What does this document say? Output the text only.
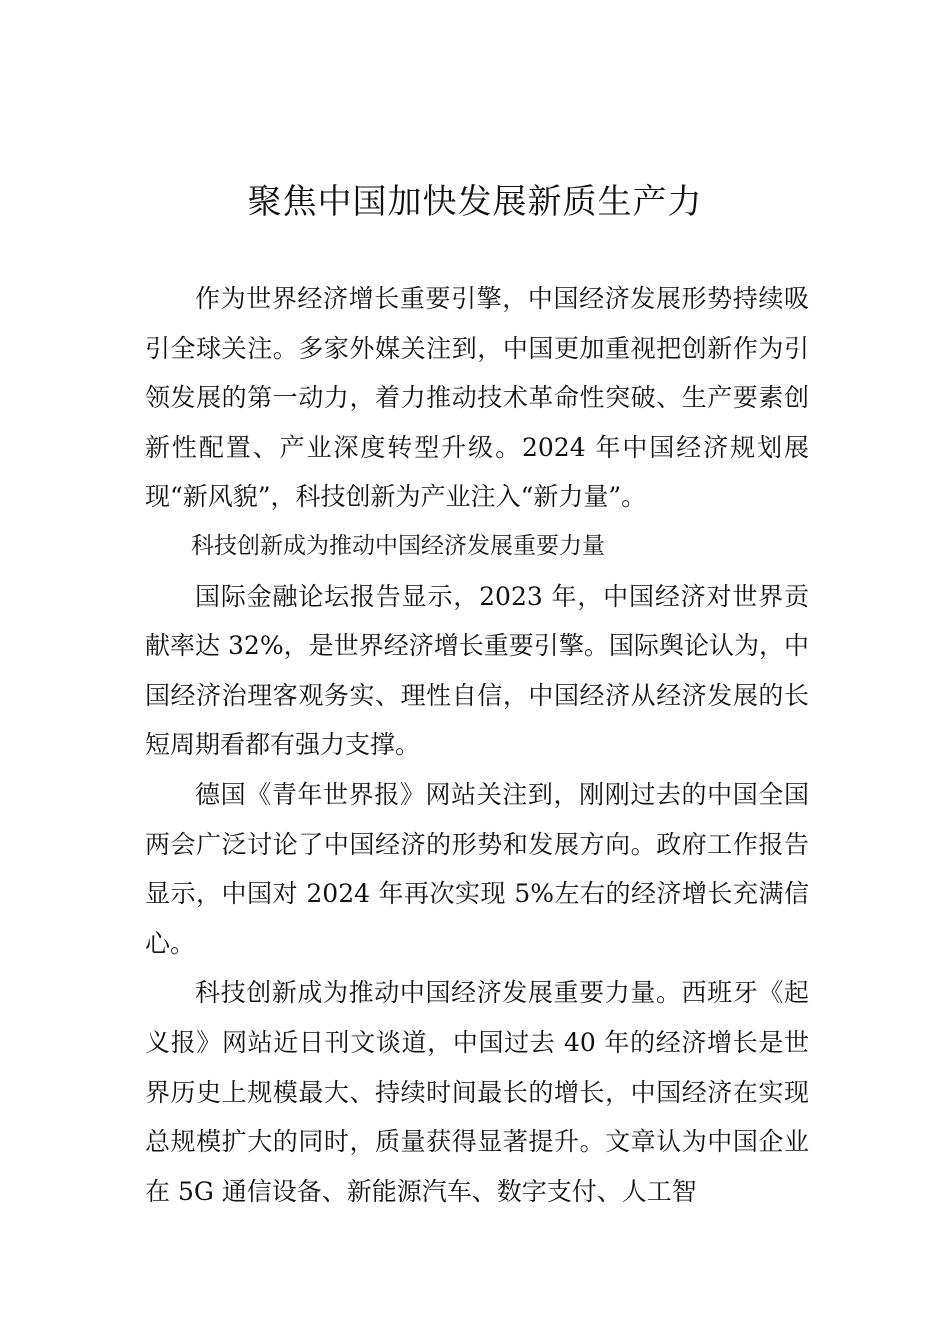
聚焦中国加快发展新质生产力

作为世界经济增长重要引擎，中国经济发展形势持续吸引全球关注。多家外媒关注到，中国更加重视把创新作为引领发展的第一动力，着力推动技术革命性突破、生产要素创新性配置、产业深度转型升级。2024 年中国经济规划展现“新风貌”，科技创新为产业注入“新力量”。

科技创新成为推动中国经济发展重要力量

国际金融论坛报告显示，2023 年，中国经济对世界贡献率达 32%，是世界经济增长重要引擎。国际舆论认为，中国经济治理客观务实、理性自信，中国经济从经济发展的长短周期看都有强力支撑。

德国《青年世界报》网站关注到，刚刚过去的中国全国两会广泛讨论了中国经济的形势和发展方向。政府工作报告显示，中国对 2024 年再次实现 5%左右的经济增长充满信心。

科技创新成为推动中国经济发展重要力量。西班牙《起义报》网站近日刊文谈道，中国过去 40 年的经济增长是世界历史上规模最大、持续时间最长的增长，中国经济在实现总规模扩大的同时，质量获得显著提升。文章认为中国企业在 5G 通信设备、新能源汽车、数字支付、人工智
